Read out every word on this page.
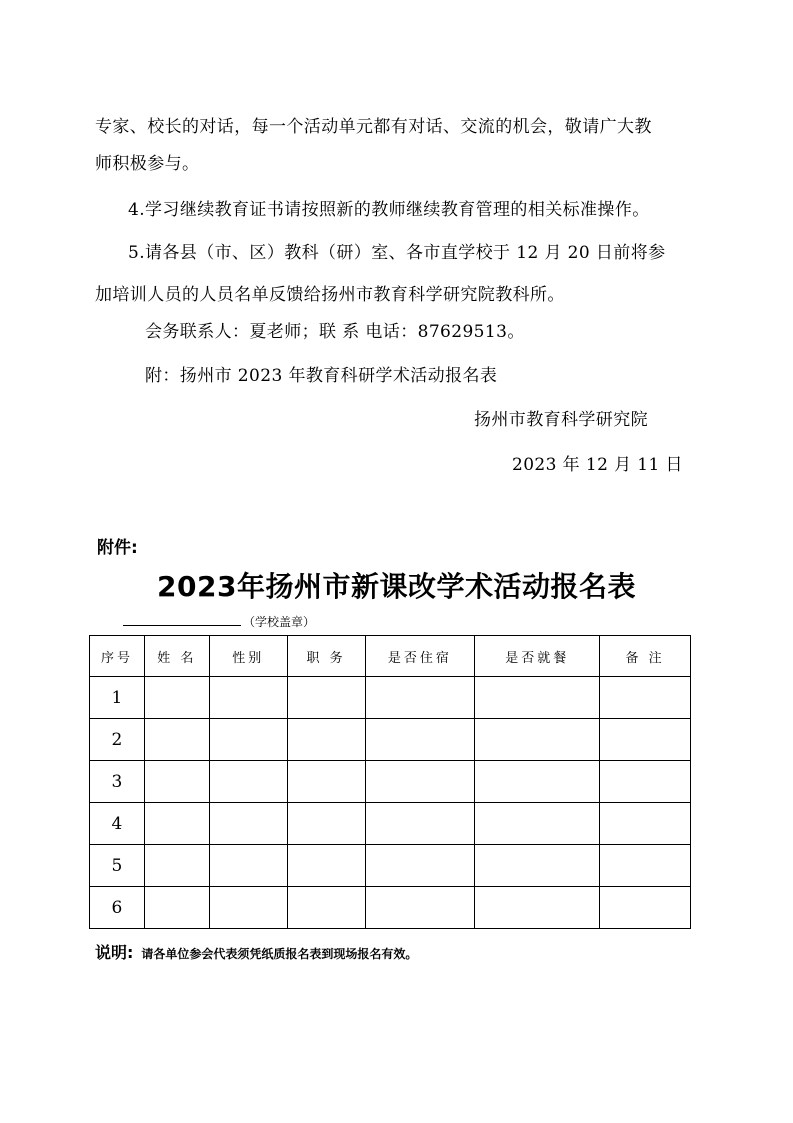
专家、校长的对话，每一个活动单元都有对话、交流的机会，敬请广大教
师积极参与。
4.学习继续教育证书请按照新的教师继续教育管理的相关标准操作。
5.请各县（市、区）教科（研）室、各市直学校于 12 月 20 日前将参
加培训人员的人员名单反馈给扬州市教育科学研究院教科所。
会务联系人：夏老师；联 系 电话：87629513。
附：扬州市 2023 年教育科研学术活动报名表
扬州市教育科学研究院
2023 年 12 月 11 日
附件:
2023年扬州市新课改学术活动报名表
（学校盖章）
序号	姓 名	性别	职 务	是否住宿	是否就餐	备 注
1						
2						
3						
4						
5						
6						
说明: 请各单位参会代表须凭纸质报名表到现场报名有效。
